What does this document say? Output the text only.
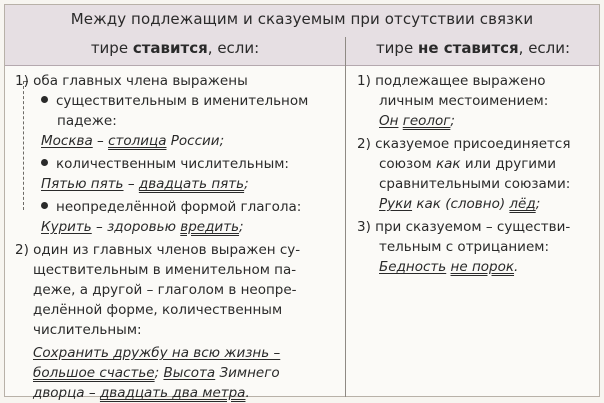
Между подлежащим и сказуемым при отсутствии связки
тире ставится, если:	тире не ставится, если:
1) оба главных члена выражены
существительным в именительном
падеже:
Москва – столица России;
количественным числительным:
Пятью пять – двадцать пять;
неопределённой формой глагола:
Курить – здоровью вредить;
2) один из главных членов выражен су-
ществительным в именительном па-
деже, а другой – глаголом в неопре-
делённой форме, количественным
числительным:
Сохранить дружбу на всю жизнь –
большое счастье; Высота Зимнего
дворца – двадцать два метра.
1) подлежащее выражено
личным местоимением:
Он геолог;
2) сказуемое присоединяется
союзом как или другими
сравнительными союзами:
Руки как (словно) лёд;
3) при сказуемом – существи-
тельным с отрицанием:
Бедность не порок.
